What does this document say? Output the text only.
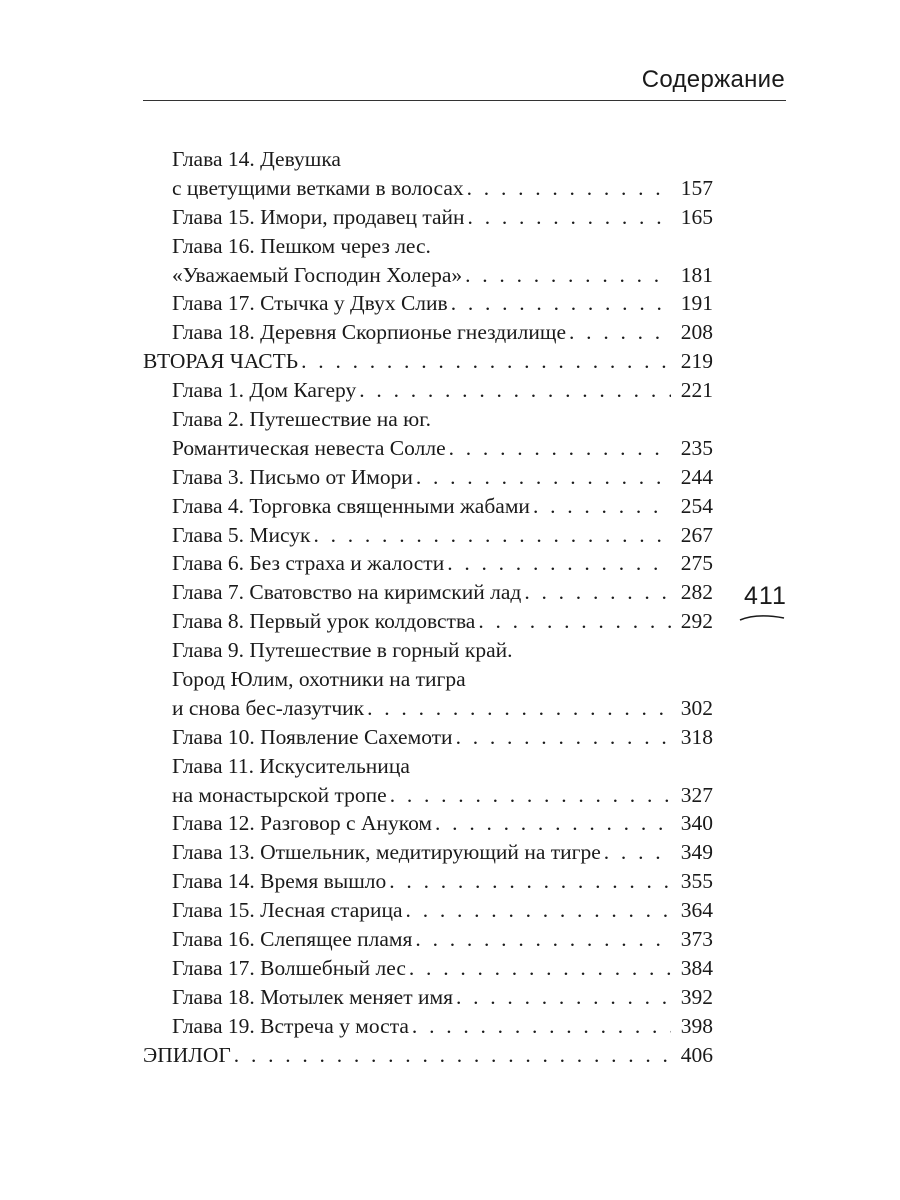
Содержание
Глава 14. Девушка
с цветущими ветками в волосах . . .	157
Глава 15. Имори, продавец тайн . . .	165
Глава 16. Пешком через лес.
«Уважаемый Господин Холера» . . .	181
Глава 17. Стычка у Двух Слив . . .	191
Глава 18. Деревня Скорпионье гнездилище . . .	208
ВТОРАЯ ЧАСТЬ . . .	219
Глава 1. Дом Кагеру . . .	221
Глава 2. Путешествие на юг.
Романтическая невеста Солле . . .	235
Глава 3. Письмо от Имори . . .	244
Глава 4. Торговка священными жабами . . .	254
Глава 5. Мисук . . .	267
Глава 6. Без страха и жалости . . .	275
Глава 7. Сватовство на киримский лад . . .	282
Глава 8. Первый урок колдовства . . .	292
Глава 9. Путешествие в горный край.
Город Юлим, охотники на тигра
и снова бес-лазутчик . . .	302
Глава 10. Появление Сахемоти . . .	318
Глава 11. Искусительница
на монастырской тропе . . .	327
Глава 12. Разговор с Ануком . . .	340
Глава 13. Отшельник, медитирующий на тигре . . .	349
Глава 14. Время вышло . . .	355
Глава 15. Лесная старица . . .	364
Глава 16. Слепящее пламя . . .	373
Глава 17. Волшебный лес . . .	384
Глава 18. Мотылек меняет имя . . .	392
Глава 19. Встреча у моста . . .	398
ЭПИЛОГ . . .	406
411
